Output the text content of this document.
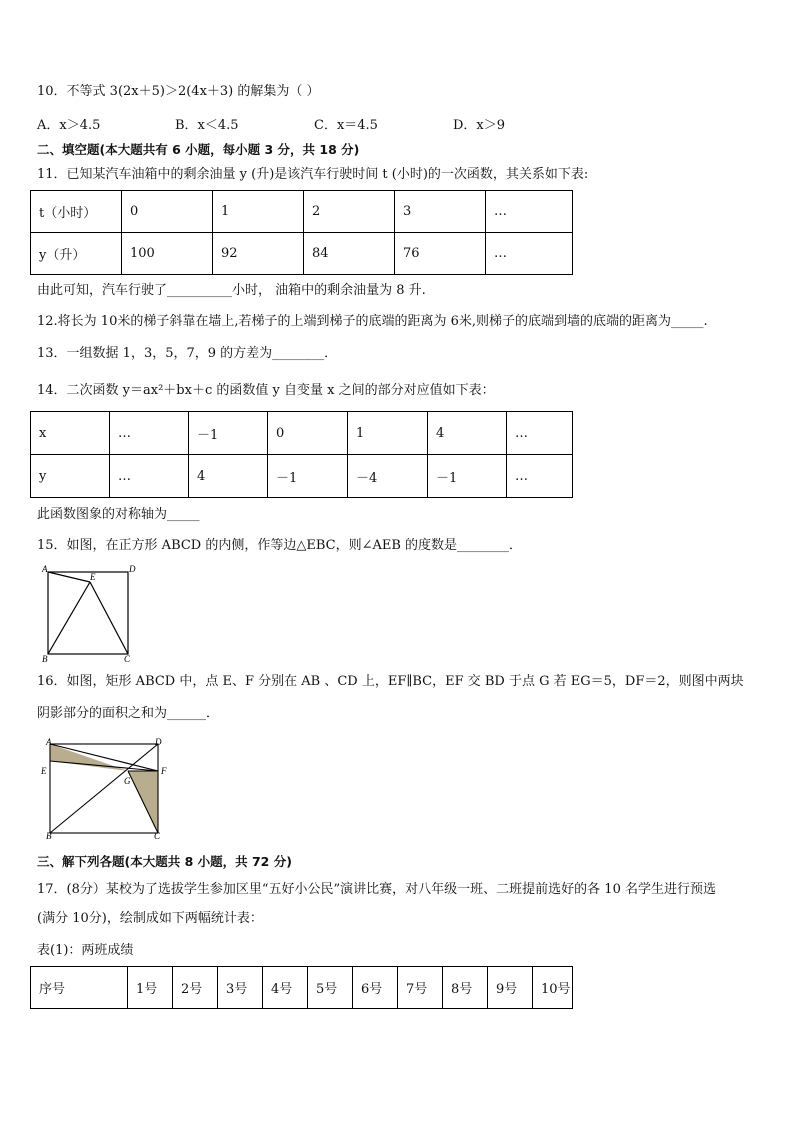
10．不等式 3(2x＋5)＞2(4x＋3) 的解集为（ ）
A．x＞4.5	B．x＜4.5	C．x＝4.5	D．x＞9
二、填空题(本大题共有 6 小题，每小题 3 分，共 18 分)
11．已知某汽车油箱中的剩余油量 y (升)是该汽车行驶时间 t (小时)的一次函数，其关系如下表:
t（小时）	0	1	2	3	…
y（升）	100	92	84	76	…
由此可知，汽车行驶了__________小时， 油箱中的剩余油量为 8 升.
12.将长为 10米的梯子斜靠在墙上,若梯子的上端到梯子的底端的距离为 6米,则梯子的底端到墙的底端的距离为_____.
13．一组数据 1，3，5，7，9 的方差为________．
14．二次函数 y＝ax²＋bx＋c 的函数值 y 自变量 x 之间的部分对应值如下表：
x	…	－1	0	1	4	…
y	…	4	－1	－4	－1	…
此函数图象的对称轴为_____
15．如图，在正方形 ABCD 的内侧，作等边△EBC，则∠AEB 的度数是________．
A	D
E
B	C
16．如图，矩形 ABCD 中，点 E、F 分别在 AB 、CD 上，EF∥BC，EF 交 BD 于点 G 若 EG＝5，DF＝2，则图中两块
阴影部分的面积之和为______．
A	D
E	F
G
B	C
三、解下列各题(本大题共 8 小题，共 72 分)
17．(8分）某校为了选拔学生参加区里“五好小公民”演讲比赛，对八年级一班、二班提前选好的各 10 名学生进行预选
(满分 10分)，绘制成如下两幅统计表：
表(1)：两班成绩
序号	1号	2号	3号	4号	5号	6号	7号	8号	9号	10号
